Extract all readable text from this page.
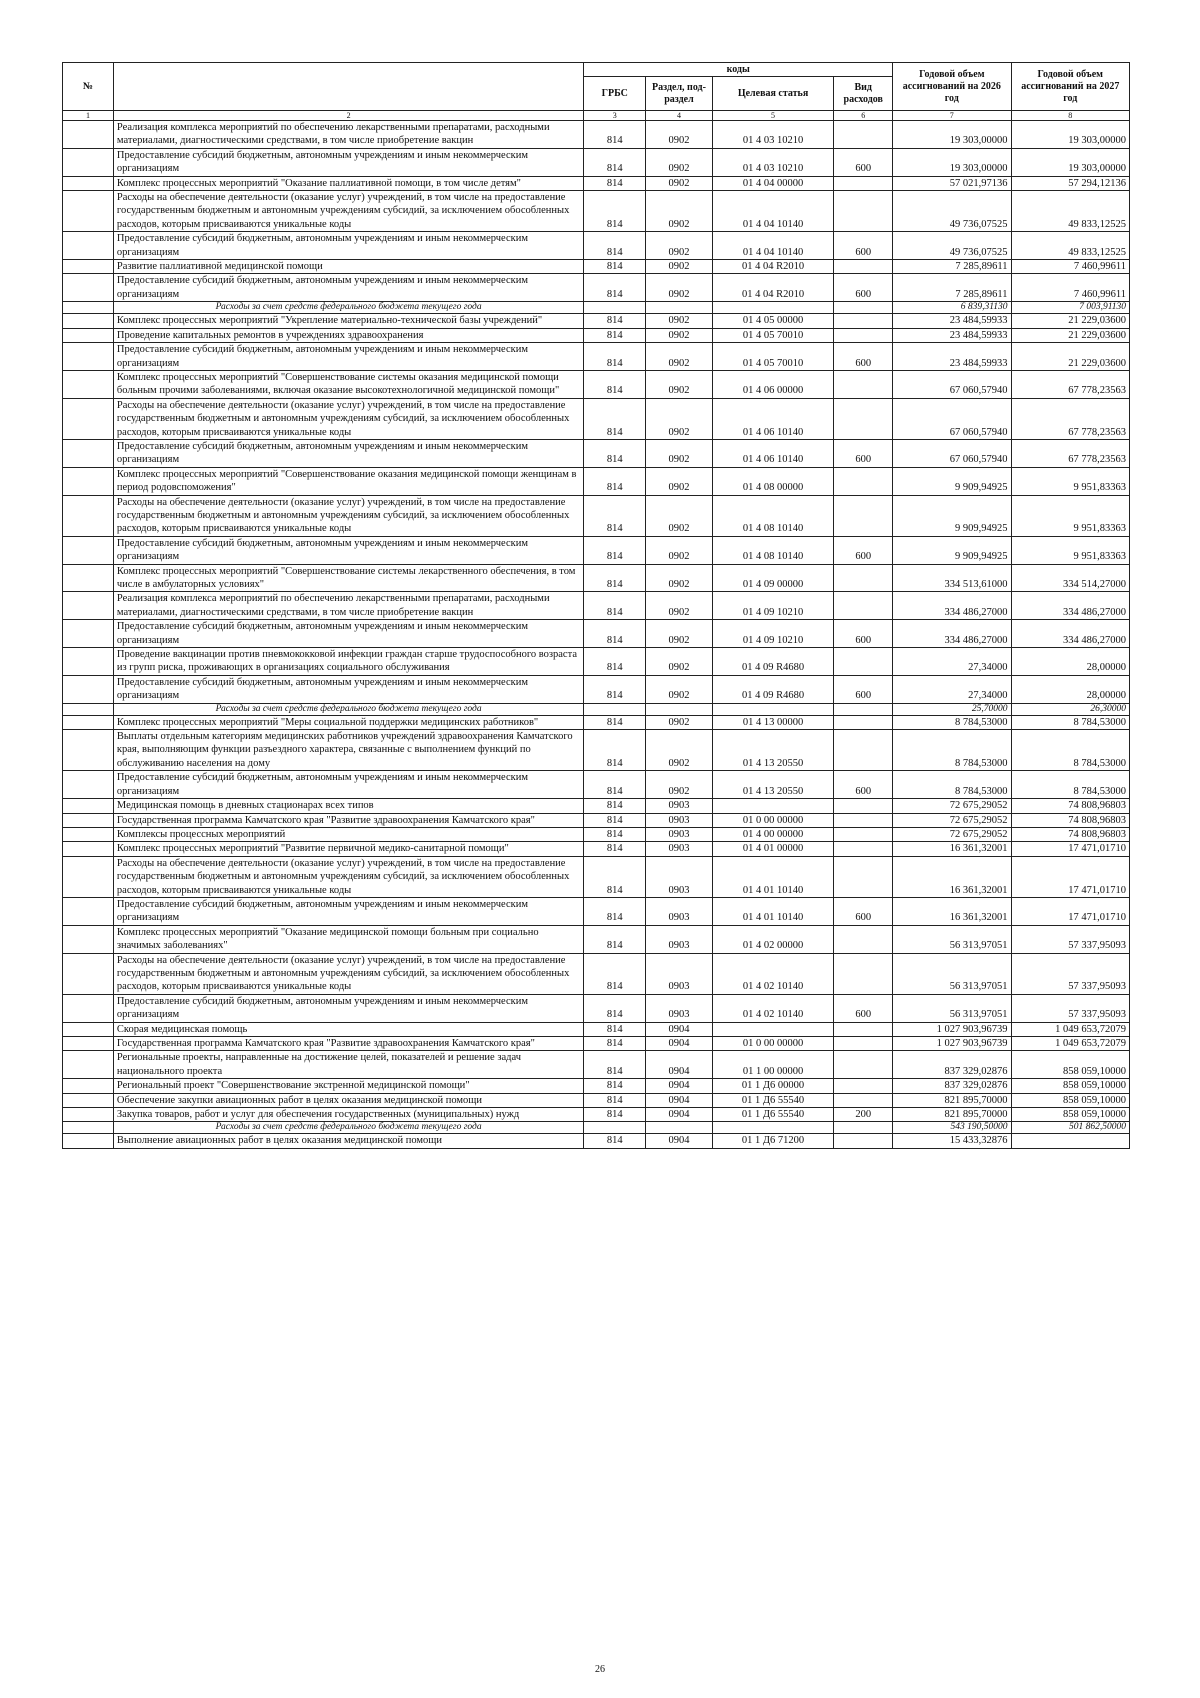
№		коды				Годовой объем ассигнований на 2026 год	Годовой объем ассигнований на 2027 год
		ГРБС	Раздел, под-раздел	Целевая статья	Вид расходов		
1	2	3	4	5	6	7	8
	Реализация комплекса мероприятий по обеспечению лекарственными препаратами, расходными материалами, диагностическими средствами, в том числе приобретение вакцин	814	0902	01 4 03 10210		19 303,00000	19 303,00000
	Предоставление субсидий бюджетным, автономным учреждениям и иным некоммерческим организациям	814	0902	01 4 03 10210	600	19 303,00000	19 303,00000
	Комплекс процессных мероприятий "Оказание паллиативной помощи, в том числе детям"	814	0902	01 4 04 00000		57 021,97136	57 294,12136
	Расходы на обеспечение деятельности (оказание услуг) учреждений, в том числе на предоставление государственным бюджетным и автономным учреждениям субсидий, за исключением обособленных расходов, которым присваиваются уникальные коды	814	0902	01 4 04 10140		49 736,07525	49 833,12525
	Предоставление субсидий бюджетным, автономным учреждениям и иным некоммерческим организациям	814	0902	01 4 04 10140	600	49 736,07525	49 833,12525
	Развитие паллиативной медицинской помощи	814	0902	01 4 04 R2010		7 285,89611	7 460,99611
	Предоставление субсидий бюджетным, автономным учреждениям и иным некоммерческим организациям	814	0902	01 4 04 R2010	600	7 285,89611	7 460,99611
	Расходы за счет средств федерального бюджета текущего года					6 839,31130	7 003,91130
	Комплекс процессных мероприятий "Укрепление материально-технической базы учреждений"	814	0902	01 4 05 00000		23 484,59933	21 229,03600
	Проведение капитальных ремонтов в учреждениях здравоохранения	814	0902	01 4 05 70010		23 484,59933	21 229,03600
	Предоставление субсидий бюджетным, автономным учреждениям и иным некоммерческим организациям	814	0902	01 4 05 70010	600	23 484,59933	21 229,03600
	Комплекс процессных мероприятий "Совершенствование системы оказания медицинской помощи больным прочими заболеваниями, включая оказание высокотехнологичной медицинской помощи"	814	0902	01 4 06 00000		67 060,57940	67 778,23563
	Расходы на обеспечение деятельности (оказание услуг) учреждений, в том числе на предоставление государственным бюджетным и автономным учреждениям субсидий, за исключением обособленных расходов, которым присваиваются уникальные коды	814	0902	01 4 06 10140		67 060,57940	67 778,23563
	Предоставление субсидий бюджетным, автономным учреждениям и иным некоммерческим организациям	814	0902	01 4 06 10140	600	67 060,57940	67 778,23563
	Комплекс процессных мероприятий "Совершенствование оказания медицинской помощи женщинам в период родовспоможения"	814	0902	01 4 08 00000		9 909,94925	9 951,83363
	Расходы на обеспечение деятельности (оказание услуг) учреждений, в том числе на предоставление государственным бюджетным и автономным учреждениям субсидий, за исключением обособленных расходов, которым присваиваются уникальные коды	814	0902	01 4 08 10140		9 909,94925	9 951,83363
	Предоставление субсидий бюджетным, автономным учреждениям и иным некоммерческим организациям	814	0902	01 4 08 10140	600	9 909,94925	9 951,83363
	Комплекс процессных мероприятий "Совершенствование системы лекарственного обеспечения, в том числе в амбулаторных условиях"	814	0902	01 4 09 00000		334 513,61000	334 514,27000
	Реализация комплекса мероприятий по обеспечению лекарственными препаратами, расходными материалами, диагностическими средствами, в том числе приобретение вакцин	814	0902	01 4 09 10210		334 486,27000	334 486,27000
	Предоставление субсидий бюджетным, автономным учреждениям и иным некоммерческим организациям	814	0902	01 4 09 10210	600	334 486,27000	334 486,27000
	Проведение вакцинации против пневмококковой инфекции граждан старше трудоспособного возраста из групп риска, проживающих в организациях социального обслуживания	814	0902	01 4 09 R4680		27,34000	28,00000
	Предоставление субсидий бюджетным, автономным учреждениям и иным некоммерческим организациям	814	0902	01 4 09 R4680	600	27,34000	28,00000
	Расходы за счет средств федерального бюджета текущего года					25,70000	26,30000
	Комплекс процессных мероприятий "Меры социальной поддержки медицинских работников"	814	0902	01 4 13 00000		8 784,53000	8 784,53000
	Выплаты отдельным категориям медицинских работников учреждений здравоохранения Камчатского края, выполняющим функции разъездного характера, связанные с выполнением функций по обслуживанию населения на дому	814	0902	01 4 13 20550		8 784,53000	8 784,53000
	Предоставление субсидий бюджетным, автономным учреждениям и иным некоммерческим организациям	814	0902	01 4 13 20550	600	8 784,53000	8 784,53000
	Медицинская помощь в дневных стационарах всех типов	814	0903			72 675,29052	74 808,96803
	Государственная программа Камчатского края "Развитие здравоохранения Камчатского края"	814	0903	01 0 00 00000		72 675,29052	74 808,96803
	Комплексы процессных мероприятий	814	0903	01 4 00 00000		72 675,29052	74 808,96803
	Комплекс процессных мероприятий "Развитие первичной медико-санитарной помощи"	814	0903	01 4 01 00000		16 361,32001	17 471,01710
	Расходы на обеспечение деятельности (оказание услуг) учреждений, в том числе на предоставление государственным бюджетным и автономным учреждениям субсидий, за исключением обособленных расходов, которым присваиваются уникальные коды	814	0903	01 4 01 10140		16 361,32001	17 471,01710
	Предоставление субсидий бюджетным, автономным учреждениям и иным некоммерческим организациям	814	0903	01 4 01 10140	600	16 361,32001	17 471,01710
	Комплекс процессных мероприятий "Оказание медицинской помощи больным при социально значимых заболеваниях"	814	0903	01 4 02 00000		56 313,97051	57 337,95093
	Расходы на обеспечение деятельности (оказание услуг) учреждений, в том числе на предоставление государственным бюджетным и автономным учреждениям субсидий, за исключением обособленных расходов, которым присваиваются уникальные коды	814	0903	01 4 02 10140		56 313,97051	57 337,95093
	Предоставление субсидий бюджетным, автономным учреждениям и иным некоммерческим организациям	814	0903	01 4 02 10140	600	56 313,97051	57 337,95093
	Скорая медицинская помощь	814	0904			1 027 903,96739	1 049 653,72079
	Государственная программа Камчатского края "Развитие здравоохранения Камчатского края"	814	0904	01 0 00 00000		1 027 903,96739	1 049 653,72079
	Региональные проекты, направленные на достижение целей, показателей и решение задач национального проекта	814	0904	01 1 00 00000		837 329,02876	858 059,10000
	Региональный проект "Совершенствование экстренной медицинской помощи"	814	0904	01 1 Д6 00000		837 329,02876	858 059,10000
	Обеспечение закупки авиационных работ в целях оказания медицинской помощи	814	0904	01 1 Д6 55540		821 895,70000	858 059,10000
	Закупка товаров, работ и услуг для обеспечения государственных (муниципальных) нужд	814	0904	01 1 Д6 55540	200	821 895,70000	858 059,10000
	Расходы за счет средств федерального бюджета текущего года					543 190,50000	501 862,50000
	Выполнение авиационных работ в целях оказания медицинской помощи	814	0904	01 1 Д6 71200		15 433,32876	
26
